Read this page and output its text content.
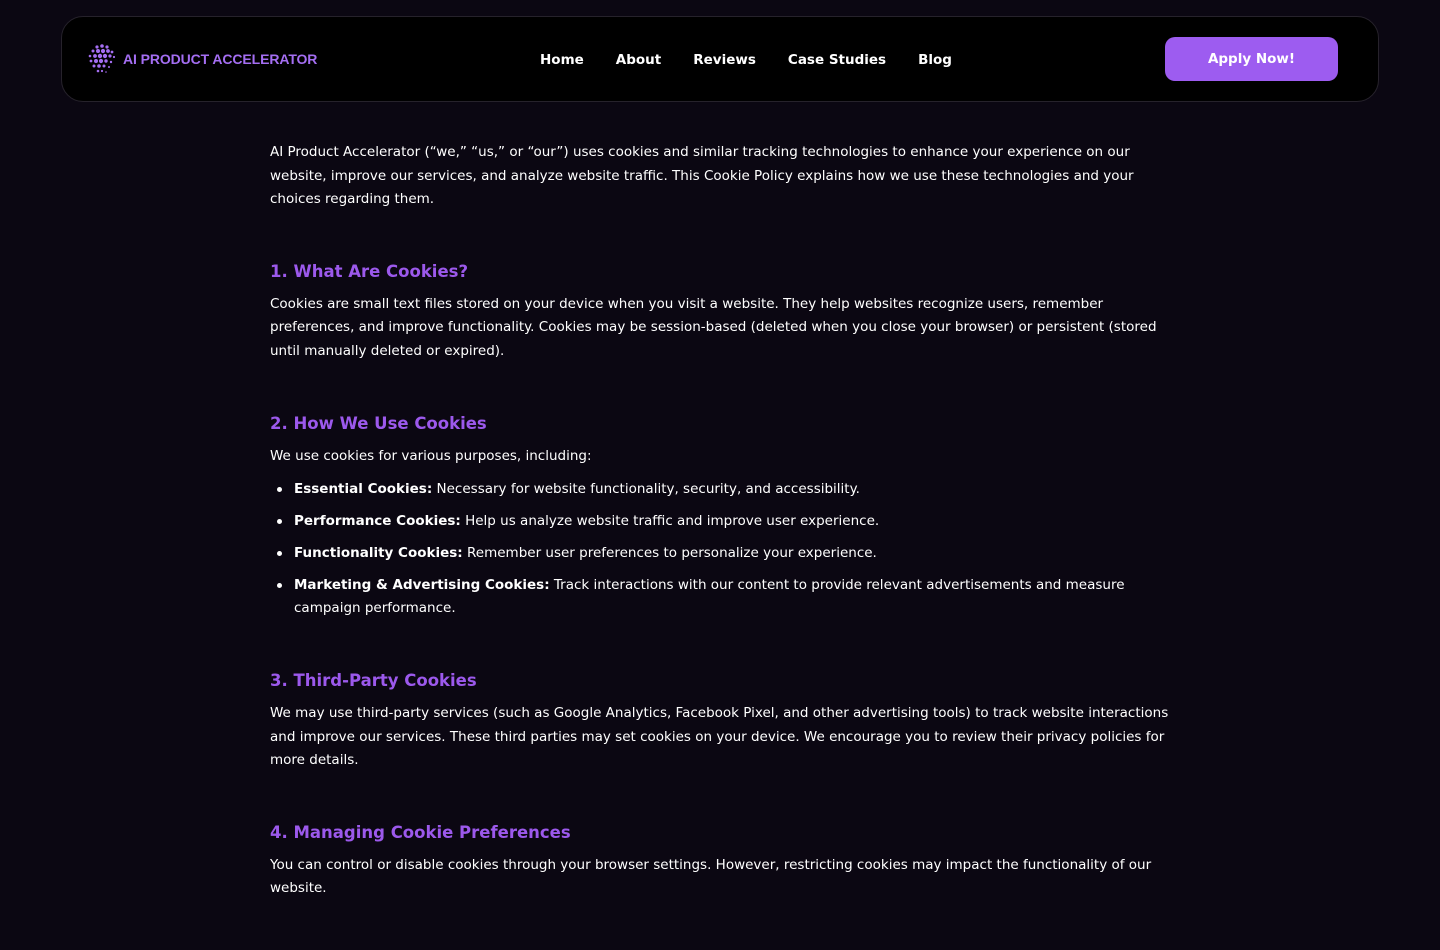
AI PRODUCT ACCELERATOR	Home About Reviews Case Studies Blog	Apply Now!

AI Product Accelerator (“we,” “us,” or “our”) uses cookies and similar tracking technologies to enhance your experience on our website, improve our services, and analyze website traffic. This Cookie Policy explains how we use these technologies and your choices regarding them.

1. What Are Cookies?

Cookies are small text files stored on your device when you visit a website. They help websites recognize users, remember preferences, and improve functionality. Cookies may be session-based (deleted when you close your browser) or persistent (stored until manually deleted or expired).

2. How We Use Cookies

We use cookies for various purposes, including:

Essential Cookies: Necessary for website functionality, security, and accessibility.
Performance Cookies: Help us analyze website traffic and improve user experience.
Functionality Cookies: Remember user preferences to personalize your experience.
Marketing & Advertising Cookies: Track interactions with our content to provide relevant advertisements and measure campaign performance.
3. Third-Party Cookies

We may use third-party services (such as Google Analytics, Facebook Pixel, and other advertising tools) to track website interactions and improve our services. These third parties may set cookies on your device. We encourage you to review their privacy policies for more details.

4. Managing Cookie Preferences

You can control or disable cookies through your browser settings. However, restricting cookies may impact the functionality of our website.
